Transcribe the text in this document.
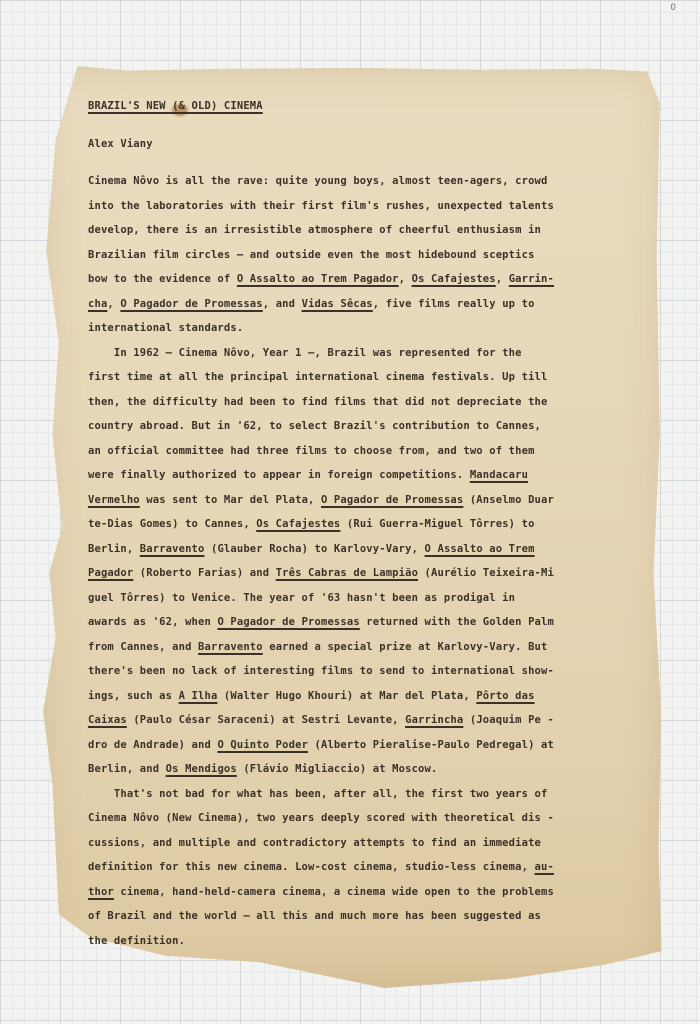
0
BRAZIL'S NEW (& OLD) CINEMA
Alex Viany
Cinema Nôvo is all the rave: quite young boys, almost teen-agers, crowd
into the laboratories with their first film's rushes, unexpected talents
develop, there is an irresistible atmosphere of cheerful enthusiasm in
Brazilian film circles — and outside even the most hidebound sceptics
bow to the evidence of O Assalto ao Trem Pagador, Os Cafajestes, Garrin-
cha, O Pagador de Promessas, and Vidas Sêcas, five films really up to
international standards.
In 1962 — Cinema Nôvo, Year 1 —, Brazil was represented for the
first time at all the principal international cinema festivals. Up till
then, the difficulty had been to find films that did not depreciate the
country abroad. But in '62, to select Brazil's contribution to Cannes,
an official committee had three films to choose from, and two of them
were finally authorized to appear in foreign competitions. Mandacaru
Vermelho was sent to Mar del Plata, O Pagador de Promessas (Anselmo Duar
te-Dias Gomes) to Cannes, Os Cafajestes (Rui Guerra-Miguel Tôrres) to
Berlin, Barravento (Glauber Rocha) to Karlovy-Vary, O Assalto ao Trem
Pagador (Roberto Farias) and Três Cabras de Lampião (Aurélio Teixeira-Mi
guel Tôrres) to Venice. The year of '63 hasn't been as prodigal in
awards as '62, when O Pagador de Promessas returned with the Golden Palm
from Cannes, and Barravento earned a special prize at Karlovy-Vary. But
there's been no lack of interesting films to send to international show-
ings, such as A Ilha (Walter Hugo Khouri) at Mar del Plata, Pôrto das
Caixas (Paulo César Saraceni) at Sestri Levante, Garrincha (Joaquim Pe -
dro de Andrade) and O Quinto Poder (Alberto Pieralise-Paulo Pedregal) at
Berlin, and Os Mendigos (Flávio Migliaccio) at Moscow.
That's not bad for what has been, after all, the first two years of
Cinema Nôvo (New Cinema), two years deeply scored with theoretical dis -
cussions, and multiple and contradictory attempts to find an immediate
definition for this new cinema. Low-cost cinema, studio-less cinema, au-
thor cinema, hand-held-camera cinema, a cinema wide open to the problems
of Brazil and the world — all this and much more has been suggested as
the definition.
